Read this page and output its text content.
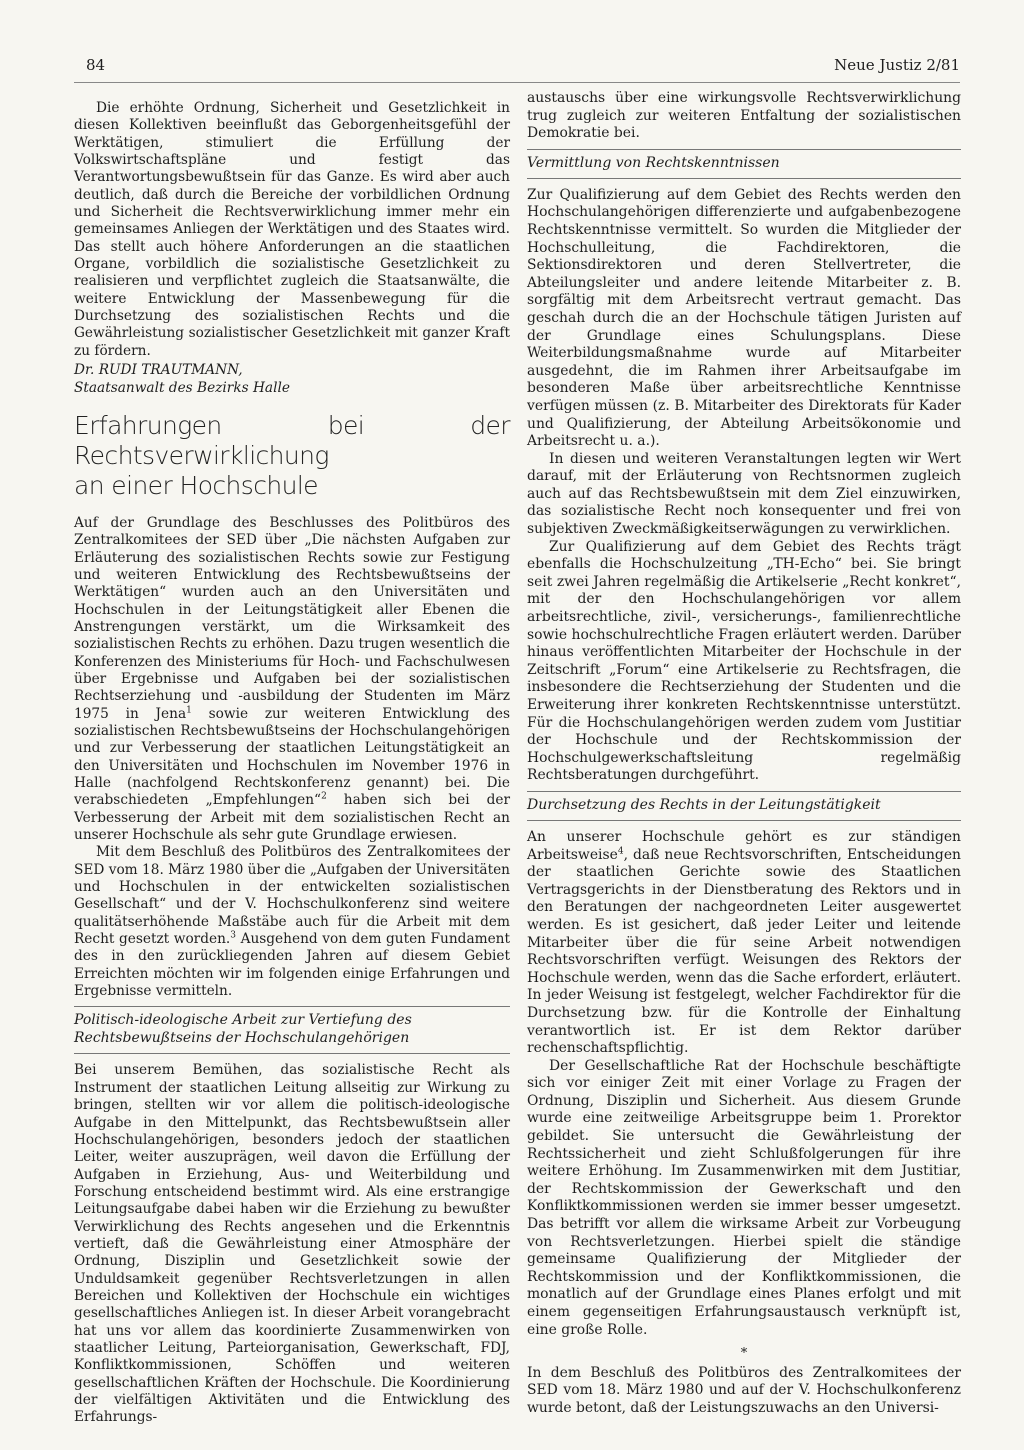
84	Neue Justiz 2/81

Die erhöhte Ordnung, Sicherheit und Gesetzlichkeit in diesen Kollektiven beeinflußt das Geborgenheitsgefühl der Werktätigen, stimuliert die Erfüllung der Volkswirtschaftspläne und festigt das Verantwortungsbewußtsein für das Ganze. Es wird aber auch deutlich, daß durch die Bereiche der vorbildlichen Ordnung und Sicherheit die Rechtsverwirklichung immer mehr ein gemeinsames Anliegen der Werktätigen und des Staates wird. Das stellt auch höhere Anforderungen an die staatlichen Organe, vorbildlich die sozialistische Gesetzlichkeit zu realisieren und verpflichtet zugleich die Staatsanwälte, die weitere Entwicklung der Massenbewegung für die Durchsetzung des sozialistischen Rechts und die Gewährleistung sozialistischer Gesetzlichkeit mit ganzer Kraft zu fördern.

Dr. RUDI TRAUTMANN,
Staatsanwalt des Bezirks Halle
Erfahrungen bei der Rechtsverwirklichung
an einer Hochschule

Auf der Grundlage des Beschlusses des Politbüros des Zentralkomitees der SED über „Die nächsten Aufgaben zur Erläuterung des sozialistischen Rechts sowie zur Festigung und weiteren Entwicklung des Rechtsbewußtseins der Werktätigen“ wurden auch an den Universitäten und Hochschulen in der Leitungstätigkeit aller Ebenen die Anstrengungen verstärkt, um die Wirksamkeit des sozialistischen Rechts zu erhöhen. Dazu trugen wesentlich die Konferenzen des Ministeriums für Hoch- und Fachschulwesen über Ergebnisse und Aufgaben bei der sozialistischen Rechtserziehung und -ausbildung der Studenten im März 1975 in Jena$^1$ sowie zur weiteren Entwicklung des sozialistischen Rechtsbewußtseins der Hochschulangehörigen und zur Verbesserung der staatlichen Leitungstätigkeit an den Universitäten und Hochschulen im November 1976 in Halle (nachfolgend Rechtskonferenz genannt) bei. Die verabschiedeten „Empfehlungen“$^2$ haben sich bei der Verbesserung der Arbeit mit dem sozialistischen Recht an unserer Hochschule als sehr gute Grundlage erwiesen.

Mit dem Beschluß des Politbüros des Zentralkomitees der SED vom 18. März 1980 über die „Aufgaben der Universitäten und Hochschulen in der entwickelten sozialistischen Gesellschaft“ und der V. Hochschulkonferenz sind weitere qualitätserhöhende Maßstäbe auch für die Arbeit mit dem Recht gesetzt worden.$^3$ Ausgehend von dem guten Fundament des in den zurückliegenden Jahren auf diesem Gebiet Erreichten möchten wir im folgenden einige Erfahrungen und Ergebnisse vermitteln.

Politisch-ideologische Arbeit zur Vertiefung des Rechtsbewußtseins der Hochschulangehörigen

Bei unserem Bemühen, das sozialistische Recht als Instrument der staatlichen Leitung allseitig zur Wirkung zu bringen, stellten wir vor allem die politisch-ideologische Aufgabe in den Mittelpunkt, das Rechtsbewußtsein aller Hochschulangehörigen, besonders jedoch der staatlichen Leiter, weiter auszuprägen, weil davon die Erfüllung der Aufgaben in Erziehung, Aus- und Weiterbildung und Forschung entscheidend bestimmt wird. Als eine erstrangige Leitungsaufgabe dabei haben wir die Erziehung zu bewußter Verwirklichung des Rechts angesehen und die Erkenntnis vertieft, daß die Gewährleistung einer Atmosphäre der Ordnung, Disziplin und Gesetzlichkeit sowie der Unduldsamkeit gegenüber Rechtsverletzungen in allen Bereichen und Kollektiven der Hochschule ein wichtiges gesellschaftliches Anliegen ist. In dieser Arbeit vorangebracht hat uns vor allem das koordinierte Zusammenwirken von staatlicher Leitung, Parteiorganisation, Gewerkschaft, FDJ, Konfliktkommissionen, Schöffen und weiteren gesellschaftlichen Kräften der Hochschule. Die Koordinierung der vielfältigen Aktivitäten und die Entwicklung des Erfahrungs-

austauschs über eine wirkungsvolle Rechtsverwirklichung trug zugleich zur weiteren Entfaltung der sozialistischen Demokratie bei.

Vermittlung von Rechtskenntnissen

Zur Qualifizierung auf dem Gebiet des Rechts werden den Hochschulangehörigen differenzierte und aufgabenbezogene Rechtskenntnisse vermittelt. So wurden die Mitglieder der Hochschulleitung, die Fachdirektoren, die Sektionsdirektoren und deren Stellvertreter, die Abteilungsleiter und andere leitende Mitarbeiter z. B. sorgfältig mit dem Arbeitsrecht vertraut gemacht. Das geschah durch die an der Hochschule tätigen Juristen auf der Grundlage eines Schulungsplans. Diese Weiterbildungsmaßnahme wurde auf Mitarbeiter ausgedehnt, die im Rahmen ihrer Arbeitsaufgabe im besonderen Maße über arbeitsrechtliche Kenntnisse verfügen müssen (z. B. Mitarbeiter des Direktorats für Kader und Qualifizierung, der Abteilung Arbeitsökonomie und Arbeitsrecht u. a.).

In diesen und weiteren Veranstaltungen legten wir Wert darauf, mit der Erläuterung von Rechtsnormen zugleich auch auf das Rechtsbewußtsein mit dem Ziel einzuwirken, das sozialistische Recht noch konsequenter und frei von subjektiven Zweckmäßigkeitserwägungen zu verwirklichen.

Zur Qualifizierung auf dem Gebiet des Rechts trägt ebenfalls die Hochschulzeitung „TH-Echo“ bei. Sie bringt seit zwei Jahren regelmäßig die Artikelserie „Recht konkret“, mit der den Hochschulangehörigen vor allem arbeitsrechtliche, zivil-, versicherungs-, familienrechtliche sowie hochschulrechtliche Fragen erläutert werden. Darüber hinaus veröffentlichten Mitarbeiter der Hochschule in der Zeitschrift „Forum“ eine Artikelserie zu Rechtsfragen, die insbesondere die Rechtserziehung der Studenten und die Erweiterung ihrer konkreten Rechtskenntnisse unterstützt. Für die Hochschulangehörigen werden zudem vom Justitiar der Hochschule und der Rechtskommission der Hochschulgewerkschaftsleitung regelmäßig Rechtsberatungen durchgeführt.

Durchsetzung des Rechts in der Leitungstätigkeit

An unserer Hochschule gehört es zur ständigen Arbeitsweise$^4$, daß neue Rechtsvorschriften, Entscheidungen der staatlichen Gerichte sowie des Staatlichen Vertragsgerichts in der Dienstberatung des Rektors und in den Beratungen der nachgeordneten Leiter ausgewertet werden. Es ist gesichert, daß jeder Leiter und leitende Mitarbeiter über die für seine Arbeit notwendigen Rechtsvorschriften verfügt. Weisungen des Rektors der Hochschule werden, wenn das die Sache erfordert, erläutert. In jeder Weisung ist festgelegt, welcher Fachdirektor für die Durchsetzung bzw. für die Kontrolle der Einhaltung verantwortlich ist. Er ist dem Rektor darüber rechenschaftspflichtig.

Der Gesellschaftliche Rat der Hochschule beschäftigte sich vor einiger Zeit mit einer Vorlage zu Fragen der Ordnung, Disziplin und Sicherheit. Aus diesem Grunde wurde eine zeitweilige Arbeitsgruppe beim 1. Prorektor gebildet. Sie untersucht die Gewährleistung der Rechtssicherheit und zieht Schlußfolgerungen für ihre weitere Erhöhung. Im Zusammenwirken mit dem Justitiar, der Rechtskommission der Gewerkschaft und den Konfliktkommissionen werden sie immer besser umgesetzt. Das betrifft vor allem die wirksame Arbeit zur Vorbeugung von Rechtsverletzungen. Hierbei spielt die ständige gemeinsame Qualifizierung der Mitglieder der Rechtskommission und der Konfliktkommissionen, die monatlich auf der Grundlage eines Planes erfolgt und mit einem gegenseitigen Erfahrungsaustausch verknüpft ist, eine große Rolle.

*

In dem Beschluß des Politbüros des Zentralkomitees der SED vom 18. März 1980 und auf der V. Hochschulkonferenz wurde betont, daß der Leistungszuwachs an den Universi-
